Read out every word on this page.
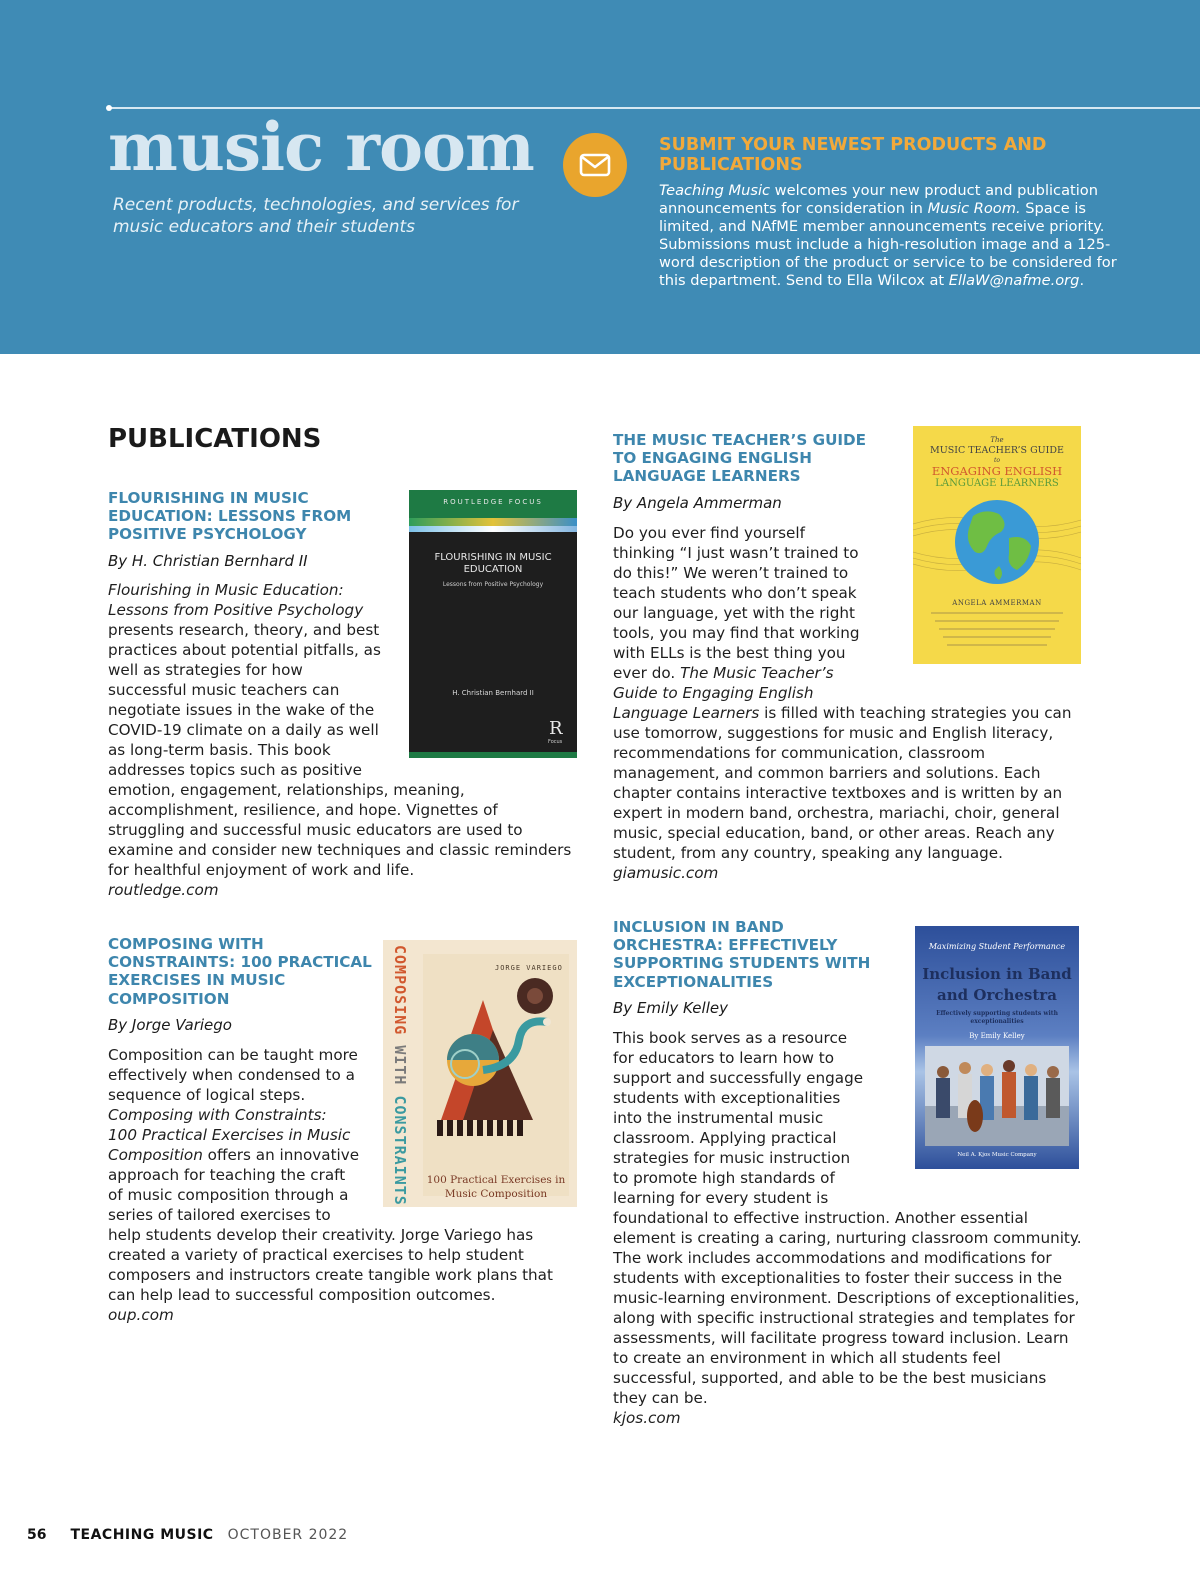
music room
Recent products, technologies, and services for music educators and their students
SUBMIT YOUR NEWEST PRODUCTS AND PUBLICATIONS
Teaching Music welcomes your new product and publication announcements for consideration in Music Room. Space is limited, and NAfME member announcements receive priority. Submissions must include a high-resolution image and a 125-word description of the product or service to be considered for this department. Send to Ella Wilcox at EllaW@nafme.org.
PUBLICATIONS
FLOURISHING IN MUSIC EDUCATION: LESSONS FROM POSITIVE PSYCHOLOGY
By H. Christian Bernhard II
Flourishing in Music Education: Lessons from Positive Psychology presents research, theory, and best practices about potential pitfalls, as well as strategies for how successful music teachers can negotiate issues in the wake of the COVID-19 climate on a daily as well as long-term basis. This book addresses topics such as positive emotion, engagement, relationships, meaning, accomplishment, resilience, and hope. Vignettes of struggling and successful music educators are used to examine and consider new techniques and classic reminders for healthful enjoyment of work and life.
routledge.com
ROUTLEDGE FOCUS
FLOURISHING IN MUSIC EDUCATION
Lessons from Positive Psychology
H. Christian Bernhard II
R
Focus
THE MUSIC TEACHER’S GUIDE TO ENGAGING ENGLISH LANGUAGE LEARNERS
By Angela Ammerman
Do you ever find yourself thinking “I just wasn’t trained to do this!” We weren’t trained to teach students who don’t speak our language, yet with the right tools, you may find that working with ELLs is the best thing you ever do. The Music Teacher’s Guide to Engaging English Language Learners is filled with teaching strategies you can use tomorrow, suggestions for music and English literacy, recommendations for communication, classroom management, and common barriers and solutions. Each chapter contains interactive textboxes and is written by an expert in modern band, orchestra, mariachi, choir, general music, special education, band, or other areas. Reach any student, from any country, speaking any language.
giamusic.com
The
MUSIC TEACHER’S GUIDE
to
ENGAGING ENGLISH
LANGUAGE LEARNERS
ANGELA AMMERMAN
COMPOSING WITH CONSTRAINTS: 100 PRACTICAL EXERCISES IN MUSIC COMPOSITION
By Jorge Variego
Composition can be taught more effectively when condensed to a sequence of logical steps. Composing with Constraints: 100 Practical Exercises in Music Composition offers an innovative approach for teaching the craft of music composition through a series of tailored exercises to help students develop their creativity. Jorge Variego has created a variety of practical exercises to help student composers and instructors create tangible work plans that can help lead to successful composition outcomes.
oup.com
COMPOSING WITH CONSTRAINTS
JORGE VARIEGO
100 Practical Exercises in
Music Composition
INCLUSION IN BAND ORCHESTRA: EFFECTIVELY SUPPORTING STUDENTS WITH EXCEPTIONALITIES
By Emily Kelley
This book serves as a resource for educators to learn how to support and successfully engage students with exceptionalities into the instrumental music classroom. Applying practical strategies for music instruction to promote high standards of learning for every student is foundational to effective instruction. Another essential element is creating a caring, nurturing classroom community. The work includes accommodations and modifications for students with exceptionalities to foster their success in the music-learning environment. Descriptions of exceptionalities, along with specific instructional strategies and templates for assessments, will facilitate progress toward inclusion. Learn to create an environment in which all students feel successful, supported, and able to be the best musicians they can be.
kjos.com
Maximizing Student Performance
Inclusion in Band
and Orchestra
Effectively supporting students with exceptionalities
By Emily Kelley
Neil A. Kjos Music Company
56 TEACHING MUSIC OCTOBER 2022
